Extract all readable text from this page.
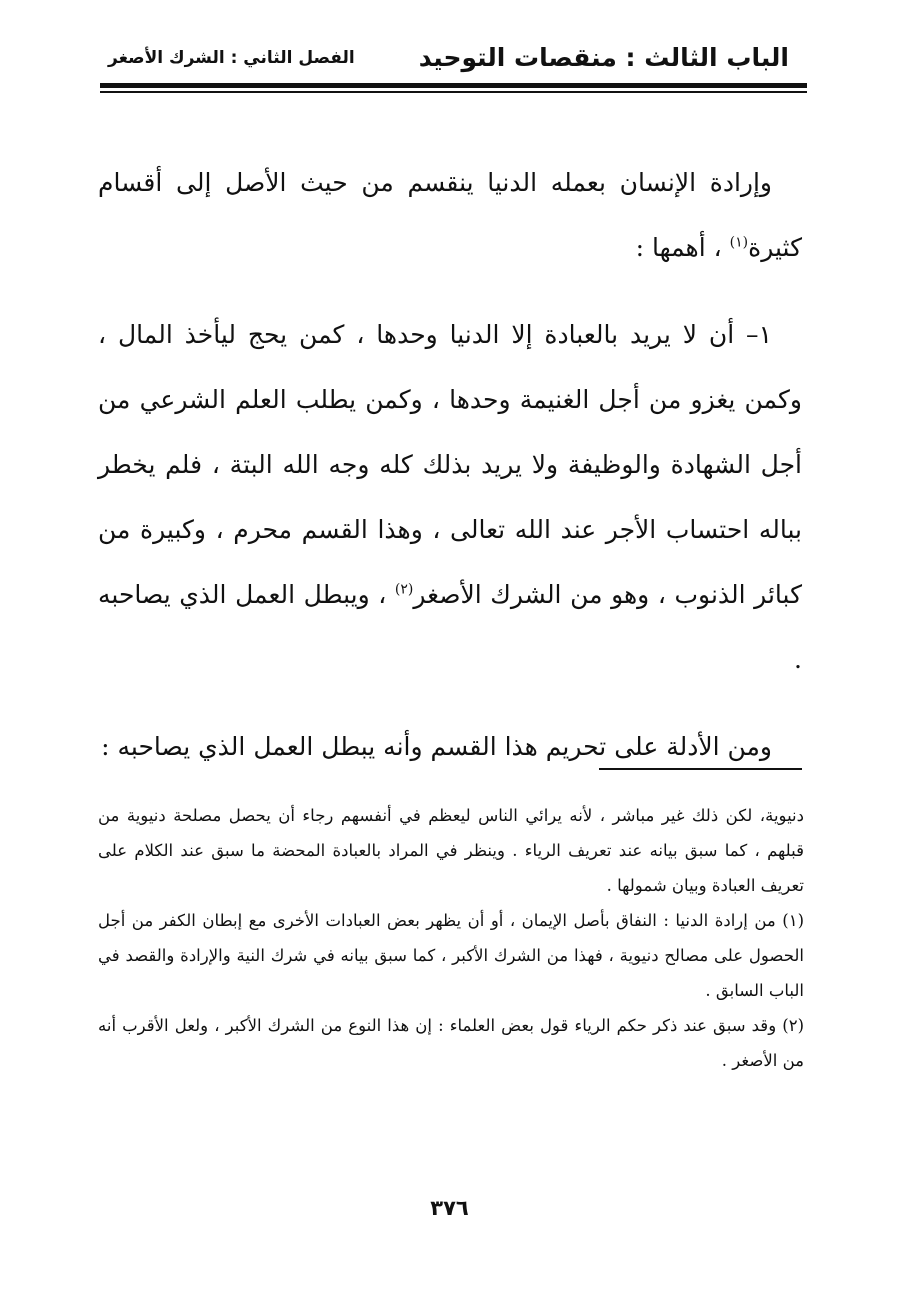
الباب الثالث : منقصات التوحيد
الفصل الثاني : الشرك الأصغر

وإرادة الإنسان بعمله الدنيا ينقسم من حيث الأصل إلى أقسام كثيرة$^{(١)}$ ، أهمها :

١– أن لا يريد بالعبادة إلا الدنيا وحدها ، كمن يحج ليأخذ المال ، وكمن يغزو من أجل الغنيمة وحدها ، وكمن يطلب العلم الشرعي من أجل الشهادة والوظيفة ولا يريد بذلك كله وجه الله البتة ، فلم يخطر بباله احتساب الأجر عند الله تعالى ، وهذا القسم محرم ، وكبيرة من كبائر الذنوب ، وهو من الشرك الأصغر$^{(٢)}$ ، ويبطل العمل الذي يصاحبه .

ومن الأدلة على تحريم هذا القسم وأنه يبطل العمل الذي يصاحبه :

دنيوية، لكن ذلك غير مباشر ، لأنه يرائي الناس ليعظم في أنفسهم رجاء أن يحصل مصلحة دنيوية من قبلهم ، كما سبق بيانه عند تعريف الرياء . وينظر في المراد بالعبادة المحضة ما سبق عند الكلام على تعريف العبادة وبيان شمولها .

(١) من إرادة الدنيا : النفاق بأصل الإيمان ، أو أن يظهر بعض العبادات الأخرى مع إبطان الكفر من أجل الحصول على مصالح دنيوية ، فهذا من الشرك الأكبر ، كما سبق بيانه في شرك النية والإرادة والقصد في الباب السابق .

(٢) وقد سبق عند ذكر حكم الرياء قول بعض العلماء : إن هذا النوع من الشرك الأكبر ، ولعل الأقرب أنه من الأصغر .

٣٧٦
